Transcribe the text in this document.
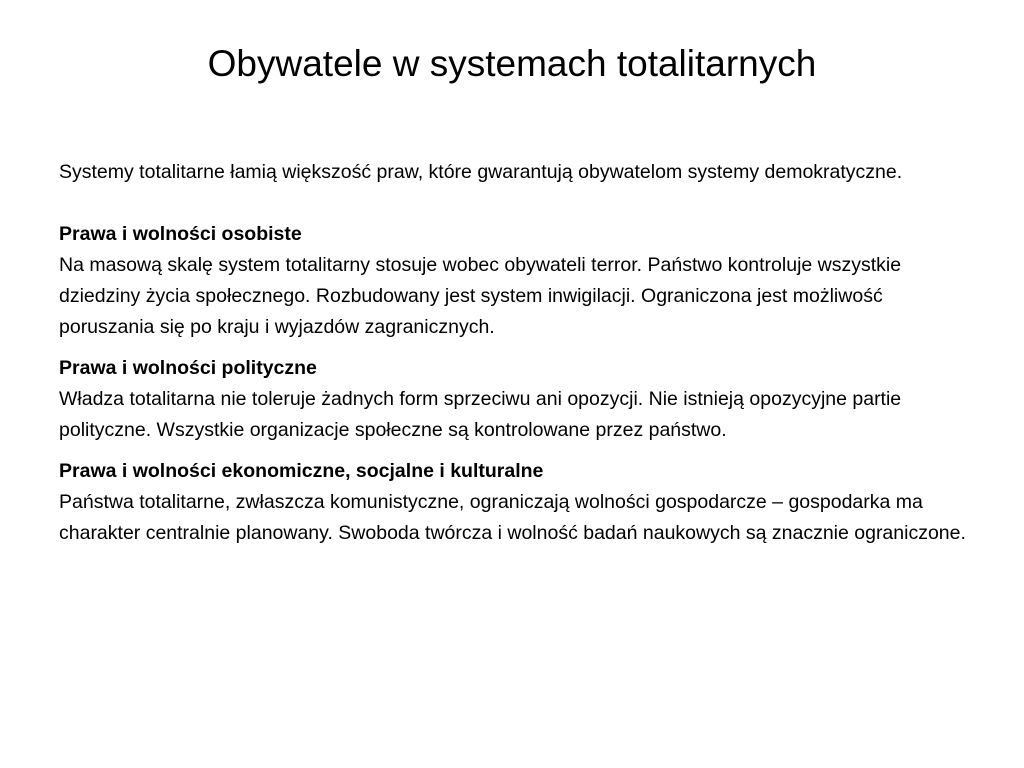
Obywatele w systemach totalitarnych

Systemy totalitarne łamią większość praw, które gwarantują obywatelom systemy demokratyczne.

Prawa i wolności osobiste
Na masową skalę system totalitarny stosuje wobec obywateli terror. Państwo kontroluje wszystkie dziedziny życia społecznego. Rozbudowany jest system inwigilacji. Ograniczona jest możliwość poruszania się po kraju i wyjazdów zagranicznych.
Prawa i wolności polityczne
Władza totalitarna nie toleruje żadnych form sprzeciwu ani opozycji. Nie istnieją opozycyjne partie polityczne. Wszystkie organizacje społeczne są kontrolowane przez państwo.
Prawa i wolności ekonomiczne, socjalne i kulturalne
Państwa totalitarne, zwłaszcza komunistyczne, ograniczają wolności gospodarcze – gospodarka ma charakter centralnie planowany. Swoboda twórcza i wolność badań naukowych są znacznie ograniczone.
